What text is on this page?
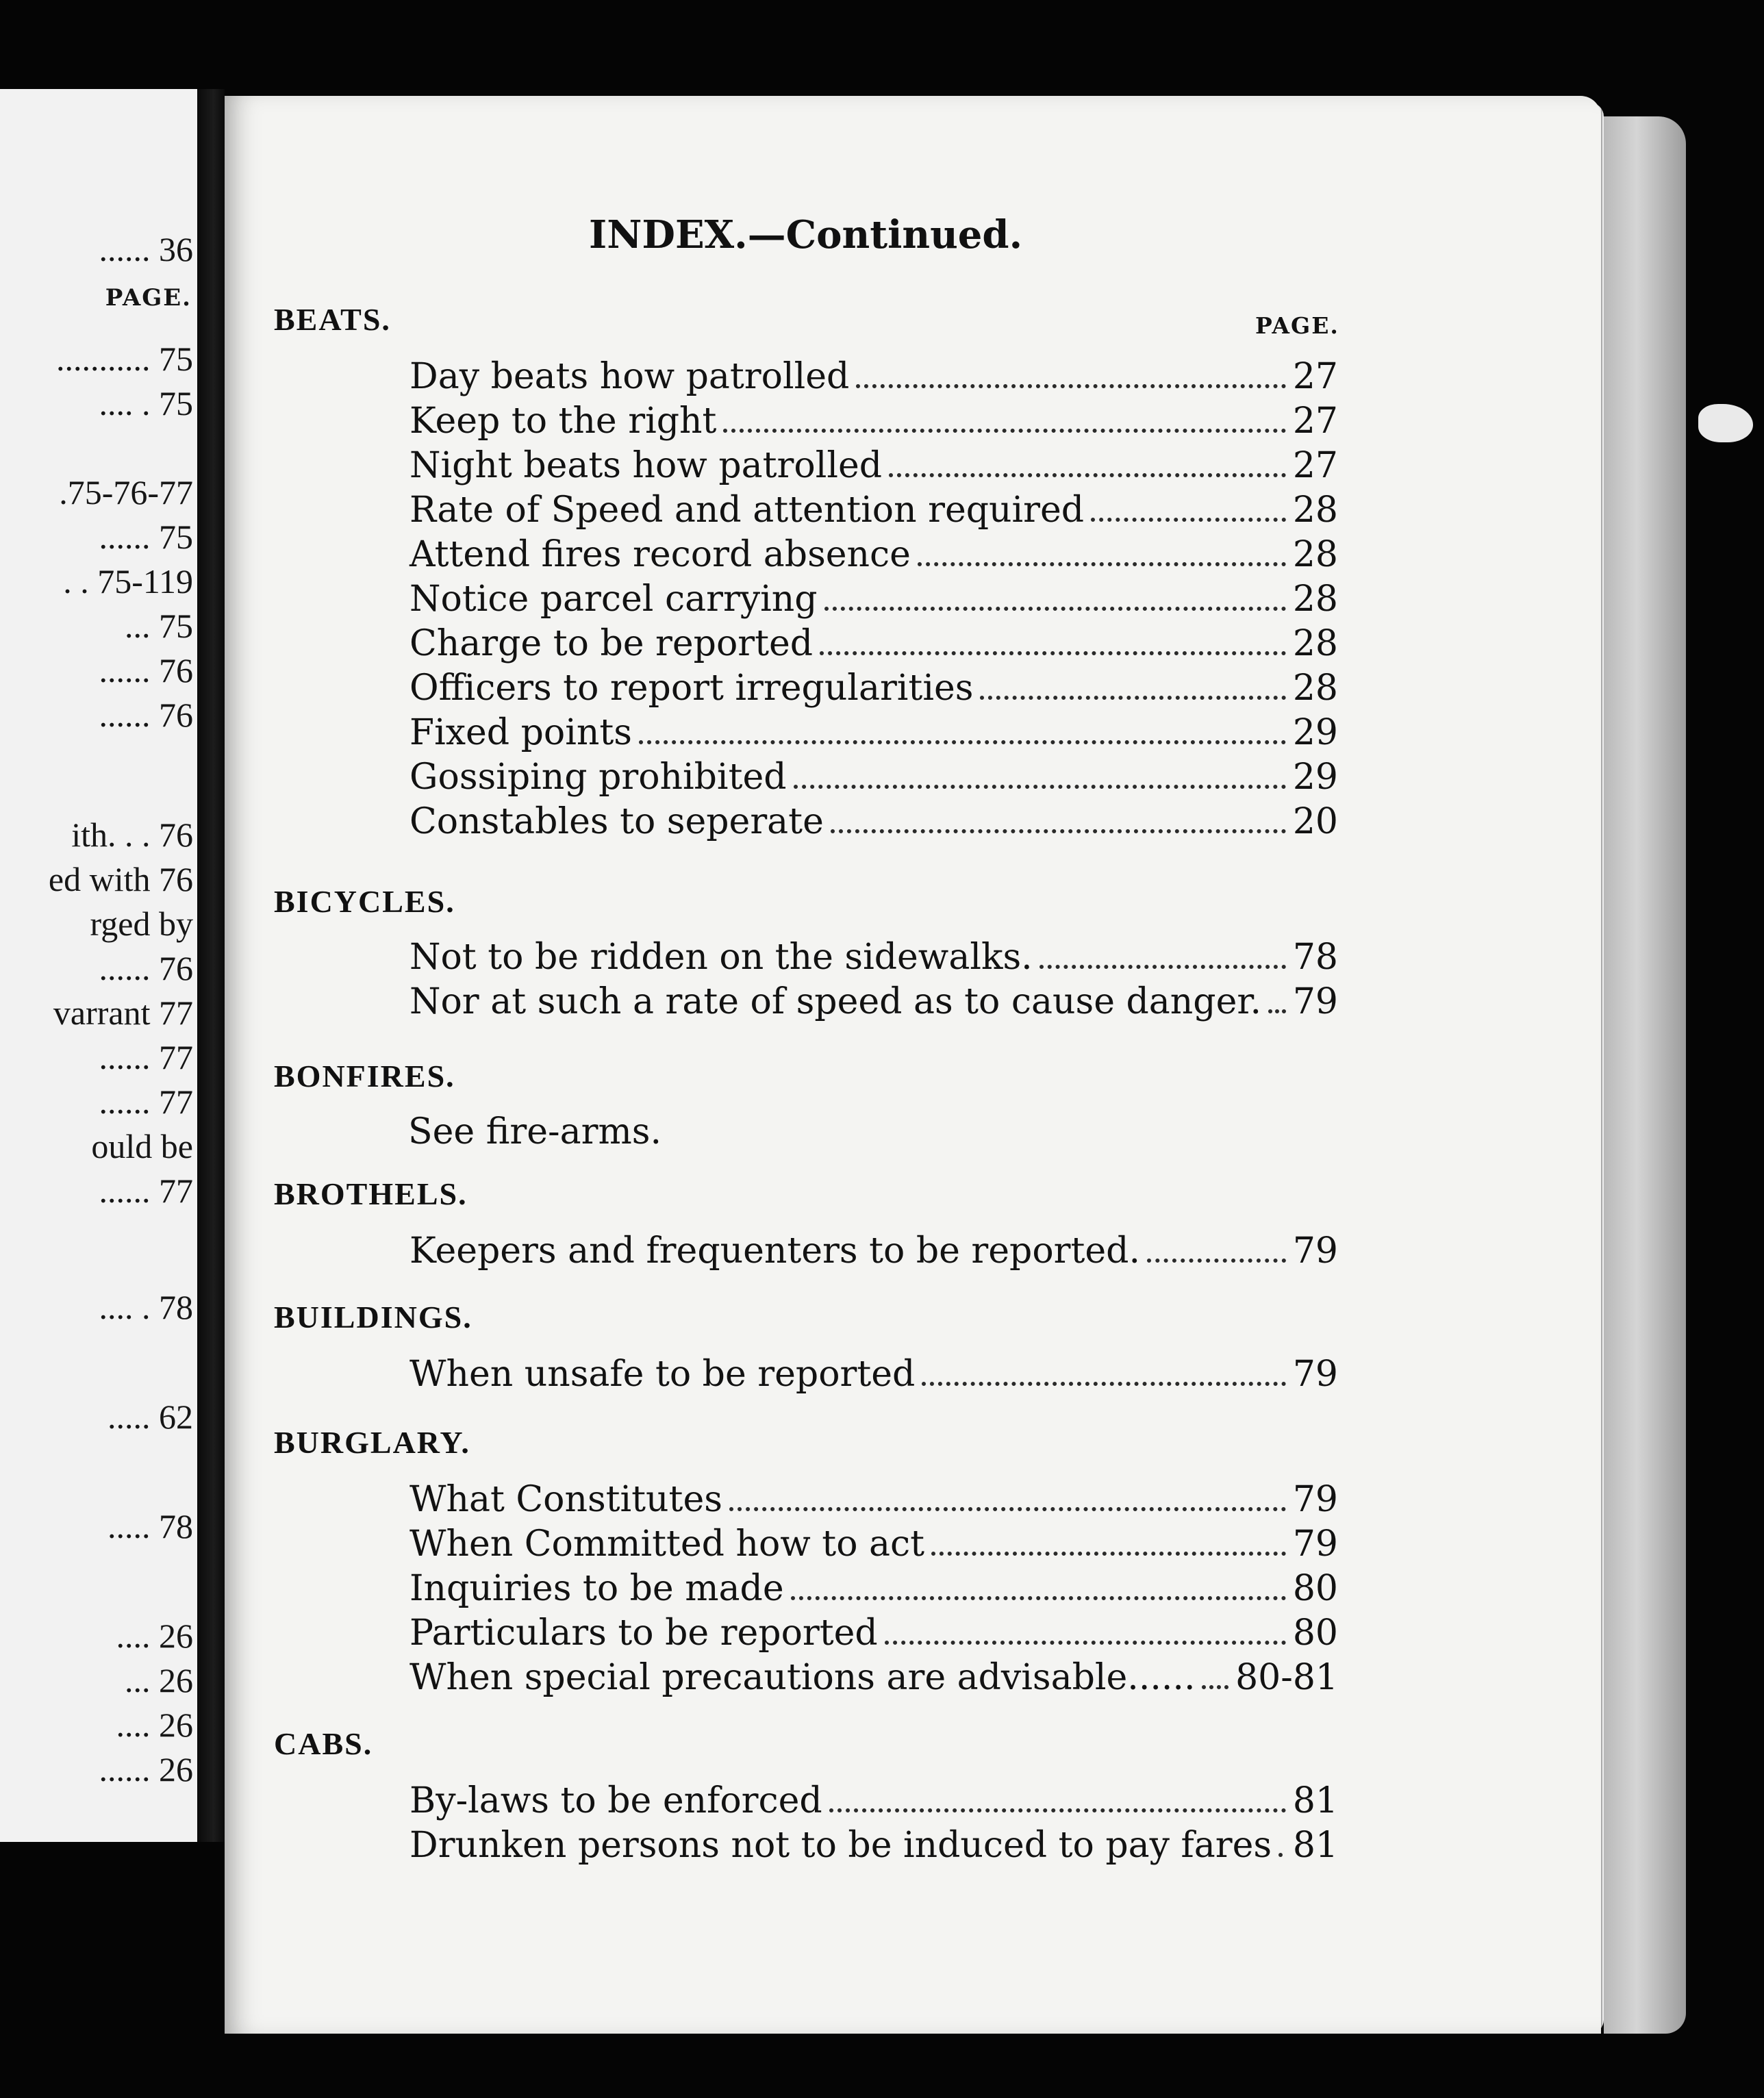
PAGE.
...... 36
........... 75
.... . 75
.75-76-77
...... 75
. . 75-119
... 75
...... 76
...... 76
ith. . . 76
ed with 76
rged by
...... 76
varrant 77
...... 77
...... 77
ould be
...... 77
.... . 78
..... 62
..... 78
.... 26
... 26
.... 26
...... 26
INDEX.—Continued.
PAGE.
BEATS.
Day beats how patrolled	27
Keep to the right	27
Night beats how patrolled	27
Rate of Speed and attention required	28
Attend fires record absence	28
Notice parcel carrying	28
Charge to be reported	28
Officers to report irregularities	28
Fixed points	29
Gossiping prohibited	29
Constables to seperate	20
BICYCLES.
Not to be ridden on the sidewalks.	78
Nor at such a rate of speed as to cause danger. 79
BONFIRES.
See fire-arms.
BROTHELS.
Keepers and frequenters to be reported.	79
BUILDINGS.
When unsafe to be reported	79
BURGLARY.
What Constitutes	79
When Committed how to act	79
Inquiries to be made	80
Particulars to be reported	80
When special precautions are advisable...... 80-81
CABS.
By-laws to be enforced	81
Drunken persons not to be induced to pay fares 81
